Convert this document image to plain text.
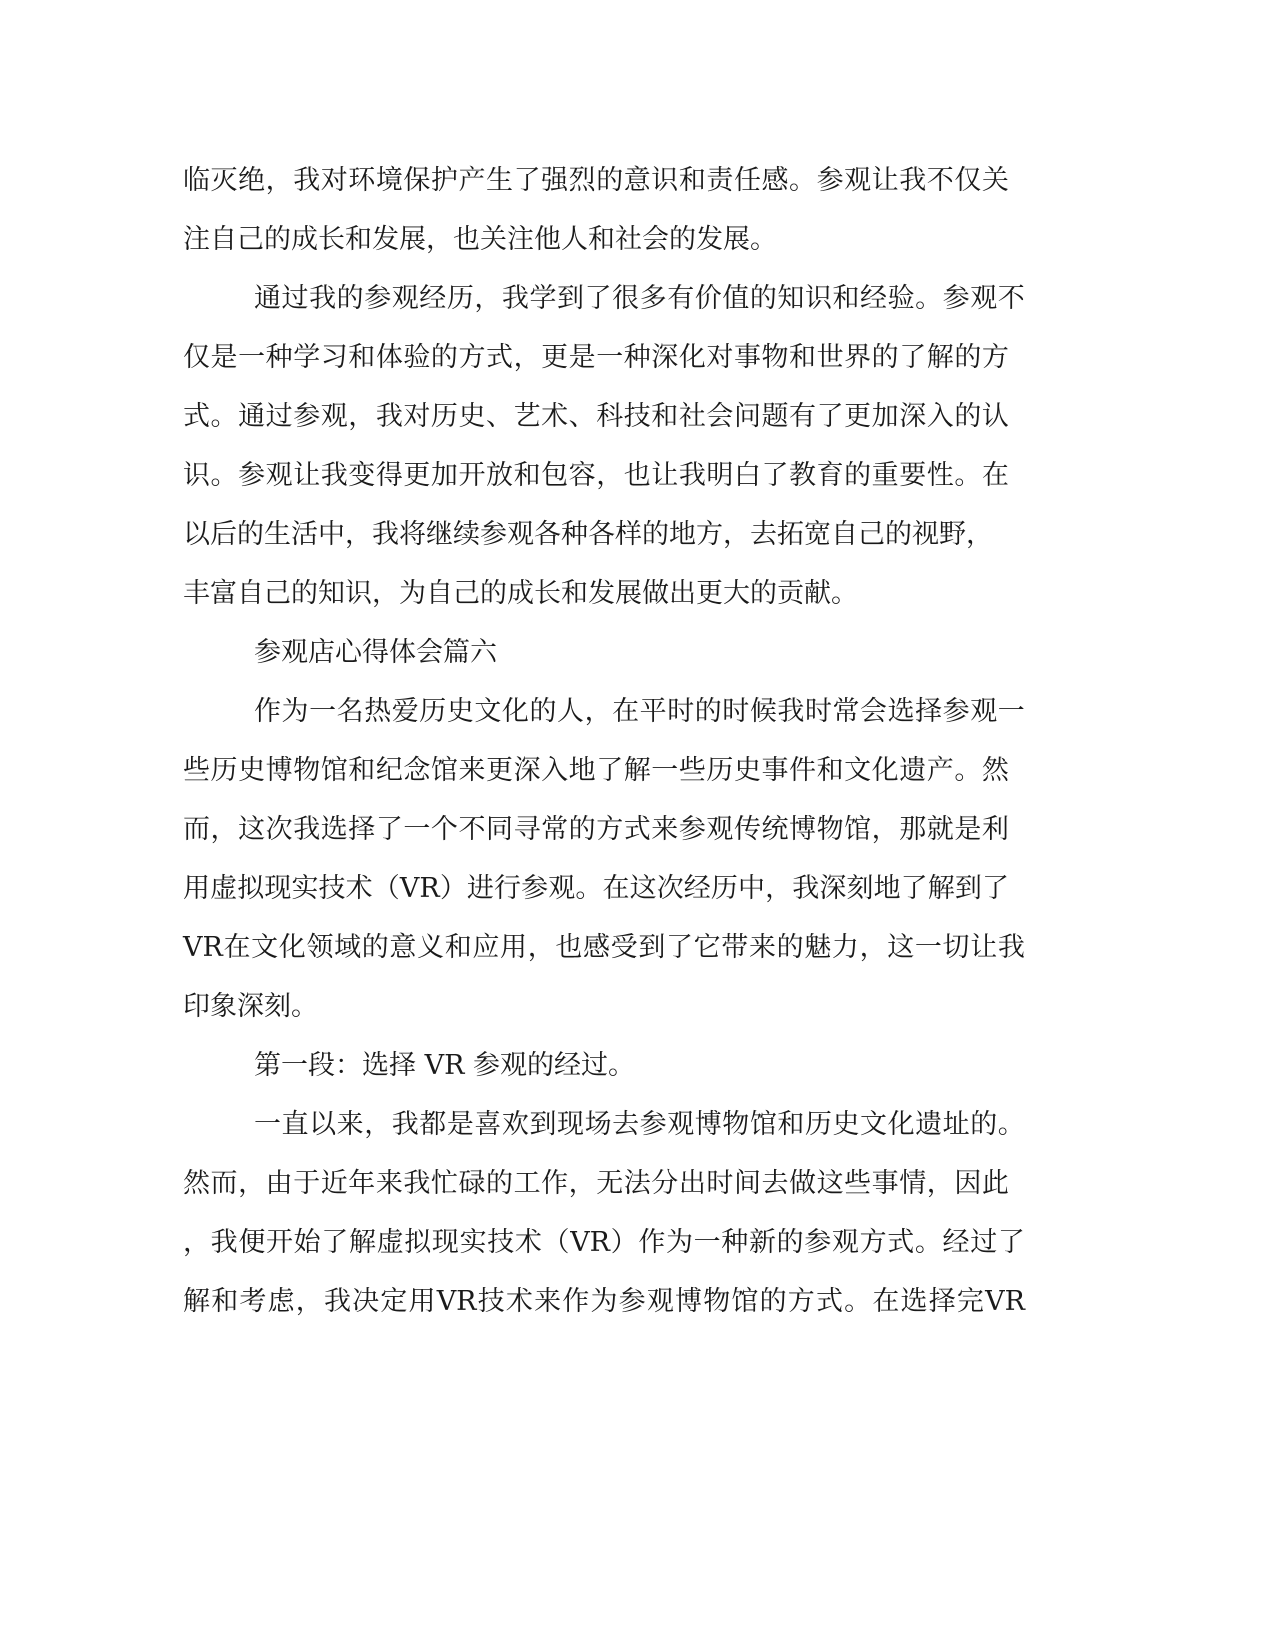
临 灭 绝 ， 我 对 环 境 保 护 产 生 了 强 烈 的 意 识 和 责 任 感 。 参 观 让 我 不 仅 关
注自己的成长和发展，也关注他人和社会的发展。
通 过 我 的 参 观 经 历 ， 我 学 到 了 很 多 有 价 值 的 知 识 和 经 验 。 参 观 不
仅 是 一 种 学 习 和 体 验 的 方 式 ， 更 是 一 种 深 化 对 事 物 和 世 界 的 了 解 的 方
式 。 通 过 参 观 ， 我 对 历 史 、 艺 术 、 科 技 和 社 会 问 题 有 了 更 加 深 入 的 认
识 。 参 观 让 我 变 得 更 加 开 放 和 包 容 ， 也 让 我 明 白 了 教 育 的 重 要 性 。 在
以 后 的 生 活 中 ， 我 将 继 续 参 观 各 种 各 样 的 地 方 ， 去 拓 宽 自 己 的 视 野 ，
丰富自己的知识，为自己的成长和发展做出更大的贡献。
参观店心得体会篇六
作 为 一 名 热 爱 历 史 文 化 的 人 ， 在 平 时 的 时 候 我 时 常 会 选 择 参 观 一
些 历 史 博 物 馆 和 纪 念 馆 来 更 深 入 地 了 解 一 些 历 史 事 件 和 文 化 遗 产 。 然
而 ， 这 次 我 选 择 了 一 个 不 同 寻 常 的 方 式 来 参 观 传 统 博 物 馆 ， 那 就 是 利
用 虚 拟 现 实 技 术 （ VR ） 进 行 参 观 。 在 这 次 经 历 中 ， 我 深 刻 地 了 解 到 了
VR 在 文 化 领 域 的 意 义 和 应 用 ， 也 感 受 到 了 它 带 来 的 魅 力 ， 这 一 切 让 我
印象深刻。
第一段：选择 VR 参观的经过。
一 直 以 来 ， 我 都 是 喜 欢 到 现 场 去 参 观 博 物 馆 和 历 史 文 化 遗 址 的 。
然 而 ， 由 于 近 年 来 我 忙 碌 的 工 作 ， 无 法 分 出 时 间 去 做 这 些 事 情 ， 因 此
， 我 便 开 始 了 解 虚 拟 现 实 技 术 （ VR ） 作 为 一 种 新 的 参 观 方 式 。 经 过 了
解 和 考 虑 ， 我 决 定 用 VR 技 术 来 作 为 参 观 博 物 馆 的 方 式 。 在 选 择 完 VR
